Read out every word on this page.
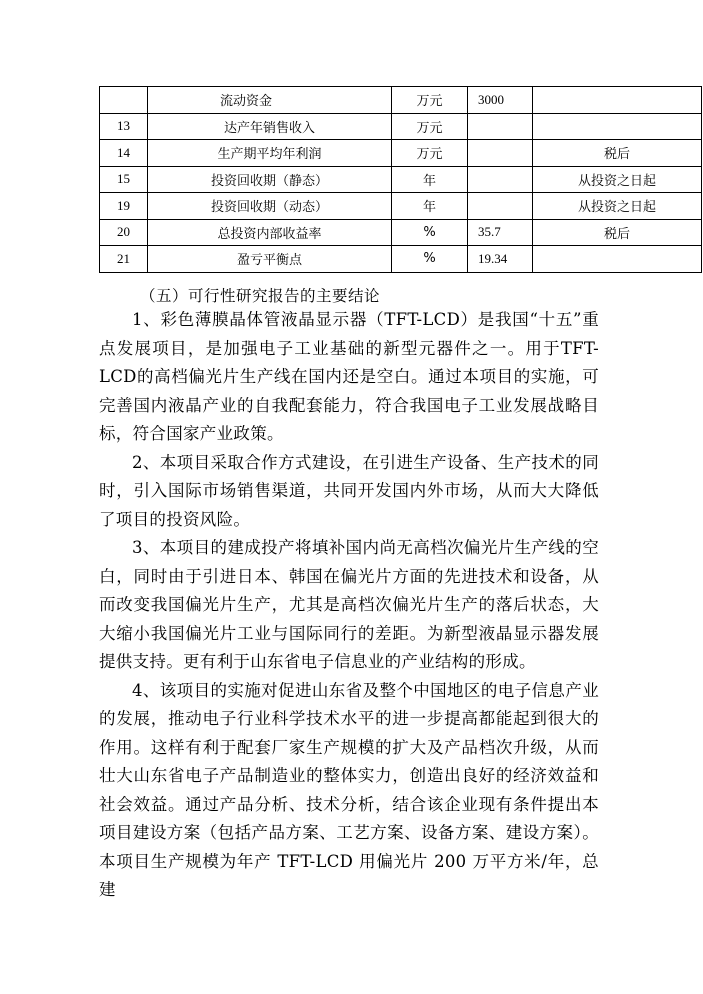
	流动资金	万元	3000	
13	达产年销售收入	万元		
14	生产期平均年利润	万元		税后
15	投资回收期（静态）	年		从投资之日起
19	投资回收期（动态）	年		从投资之日起
20	总投资内部收益率	%	35.7	税后
21	盈亏平衡点	%	19.34	
（五）可行性研究报告的主要结论

1、彩色薄膜晶体管液晶显示器（TFT-LCD）是我国“十五”重点发展项目，是加强电子工业基础的新型元器件之一。用于TFT-LCD的高档偏光片生产线在国内还是空白。通过本项目的实施，可完善国内液晶产业的自我配套能力，符合我国电子工业发展战略目标，符合国家产业政策。

2、本项目采取合作方式建设，在引进生产设备、生产技术的同时，引入国际市场销售渠道，共同开发国内外市场，从而大大降低了项目的投资风险。

3、本项目的建成投产将填补国内尚无高档次偏光片生产线的空白，同时由于引进日本、韩国在偏光片方面的先进技术和设备，从而改变我国偏光片生产，尤其是高档次偏光片生产的落后状态，大大缩小我国偏光片工业与国际同行的差距。为新型液晶显示器发展提供支持。更有利于山东省电子信息业的产业结构的形成。

4、该项目的实施对促进山东省及整个中国地区的电子信息产业的发展，推动电子行业科学技术水平的进一步提高都能起到很大的作用。这样有利于配套厂家生产规模的扩大及产品档次升级，从而壮大山东省电子产品制造业的整体实力，创造出良好的经济效益和社会效益。通过产品分析、技术分析，结合该企业现有条件提出本项目建设方案（包括产品方案、工艺方案、设备方案、建设方案）。本项目生产规模为年产 TFT-LCD 用偏光片 200 万平方米/年，总建
